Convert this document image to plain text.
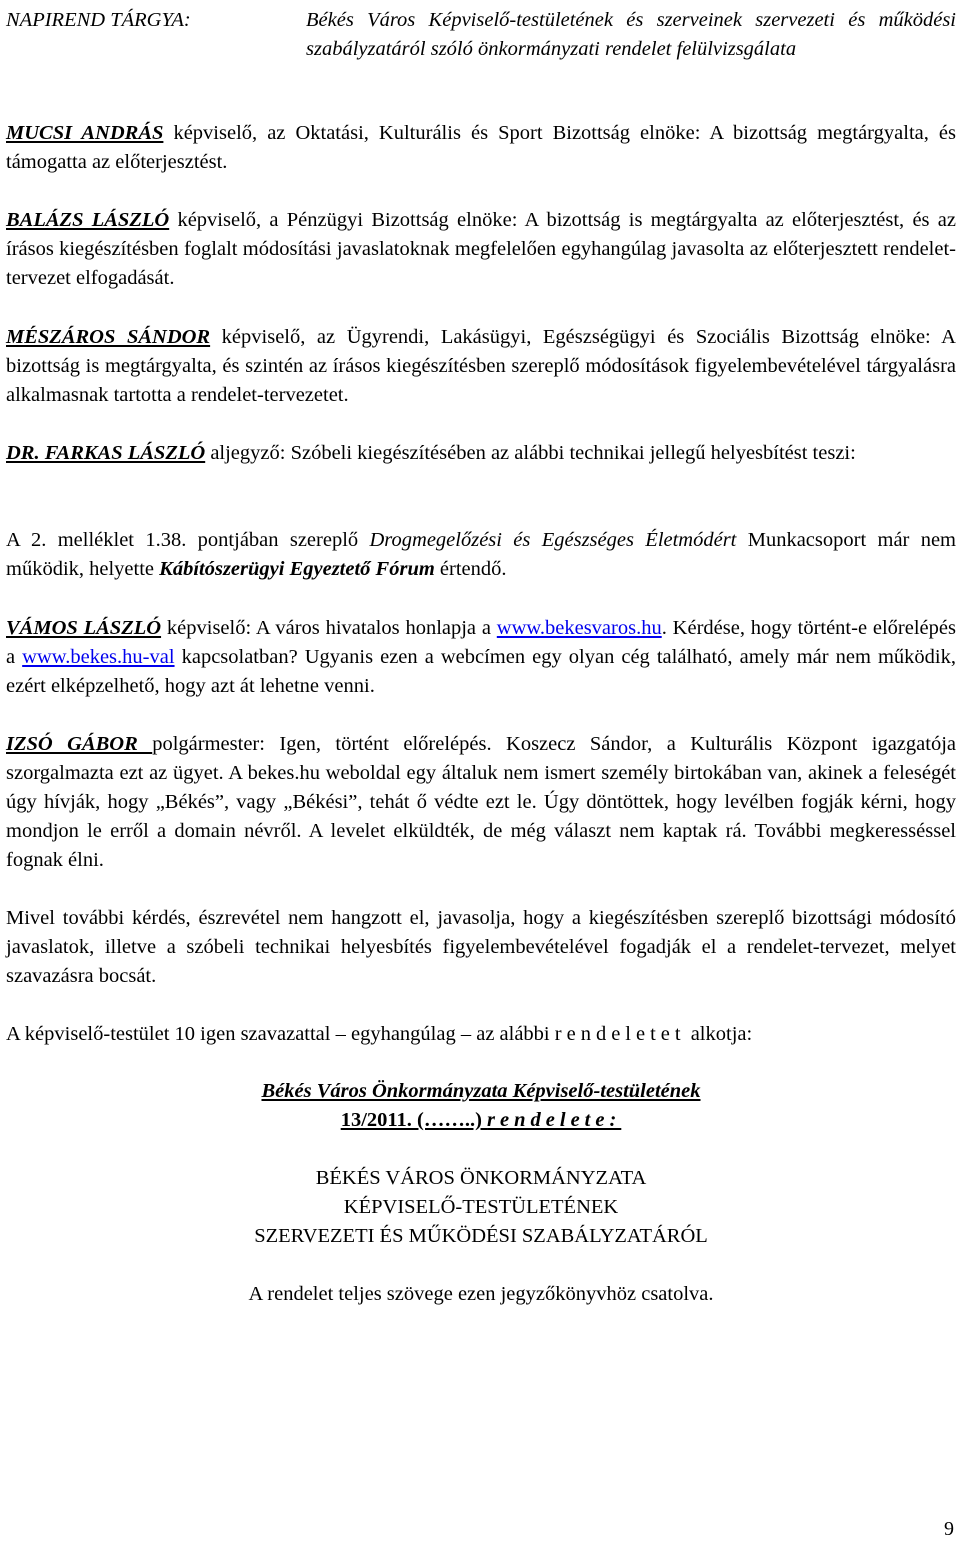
NAPIREND TÁRGYA:	Békés Város Képviselő-testületének és szerveinek szervezeti és működési szabályzatáról szóló önkormányzati rendelet felülvizsgálata

MUCSI ANDRÁS képviselő, az Oktatási, Kulturális és Sport Bizottság elnöke: A bizottság megtárgyalta, és támogatta az előterjesztést.

BALÁZS LÁSZLÓ képviselő, a Pénzügyi Bizottság elnöke: A bizottság is megtárgyalta az előterjesztést, és az írásos kiegészítésben foglalt módosítási javaslatoknak megfelelően egyhangúlag javasolta az előterjesztett rendelet-tervezet elfogadását.

MÉSZÁROS SÁNDOR képviselő, az Ügyrendi, Lakásügyi, Egészségügyi és Szociális Bizottság elnöke: A bizottság is megtárgyalta, és szintén az írásos kiegészítésben szereplő módosítások figyelembevételével tárgyalásra alkalmasnak tartotta a rendelet-tervezetet.

DR. FARKAS LÁSZLÓ aljegyző: Szóbeli kiegészítésében az alábbi technikai jellegű helyesbítést teszi:

A 2. melléklet 1.38. pontjában szereplő Drogmegelőzési és Egészséges Életmódért Munkacsoport már nem működik, helyette Kábítószerügyi Egyeztető Fórum értendő.

VÁMOS LÁSZLÓ képviselő: A város hivatalos honlapja a www.bekesvaros.hu. Kérdése, hogy történt-e előrelépés a www.bekes.hu-val kapcsolatban? Ugyanis ezen a webcímen egy olyan cég található, amely már nem működik, ezért elképzelhető, hogy azt át lehetne venni.

IZSÓ GÁBOR polgármester: Igen, történt előrelépés. Koszecz Sándor, a Kulturális Központ igazgatója szorgalmazta ezt az ügyet. A bekes.hu weboldal egy általuk nem ismert személy birtokában van, akinek a feleségét úgy hívják, hogy „Békés”, vagy „Békési”, tehát ő védte ezt le. Úgy döntöttek, hogy levélben fogják kérni, hogy mondjon le erről a domain névről. A levelet elküldték, de még választ nem kaptak rá. További megkeresséssel fognak élni.

Mivel további kérdés, észrevétel nem hangzott el, javasolja, hogy a kiegészítésben szereplő bizottsági módosító javaslatok, illetve a szóbeli technikai helyesbítés figyelembevételével fogadják el a rendelet-tervezet, melyet szavazásra bocsát.

A képviselő-testület 10 igen szavazattal – egyhangúlag – az alábbi rendeletet alkotja:

Békés Város Önkormányzata Képviselő-testületének

13/2011. (……..) rendelete:

BÉKÉS VÁROS ÖNKORMÁNYZATA

KÉPVISELŐ-TESTÜLETÉNEK

SZERVEZETI ÉS MŰKÖDÉSI SZABÁLYZATÁRÓL

A rendelet teljes szövege ezen jegyzőkönyvhöz csatolva.

9
